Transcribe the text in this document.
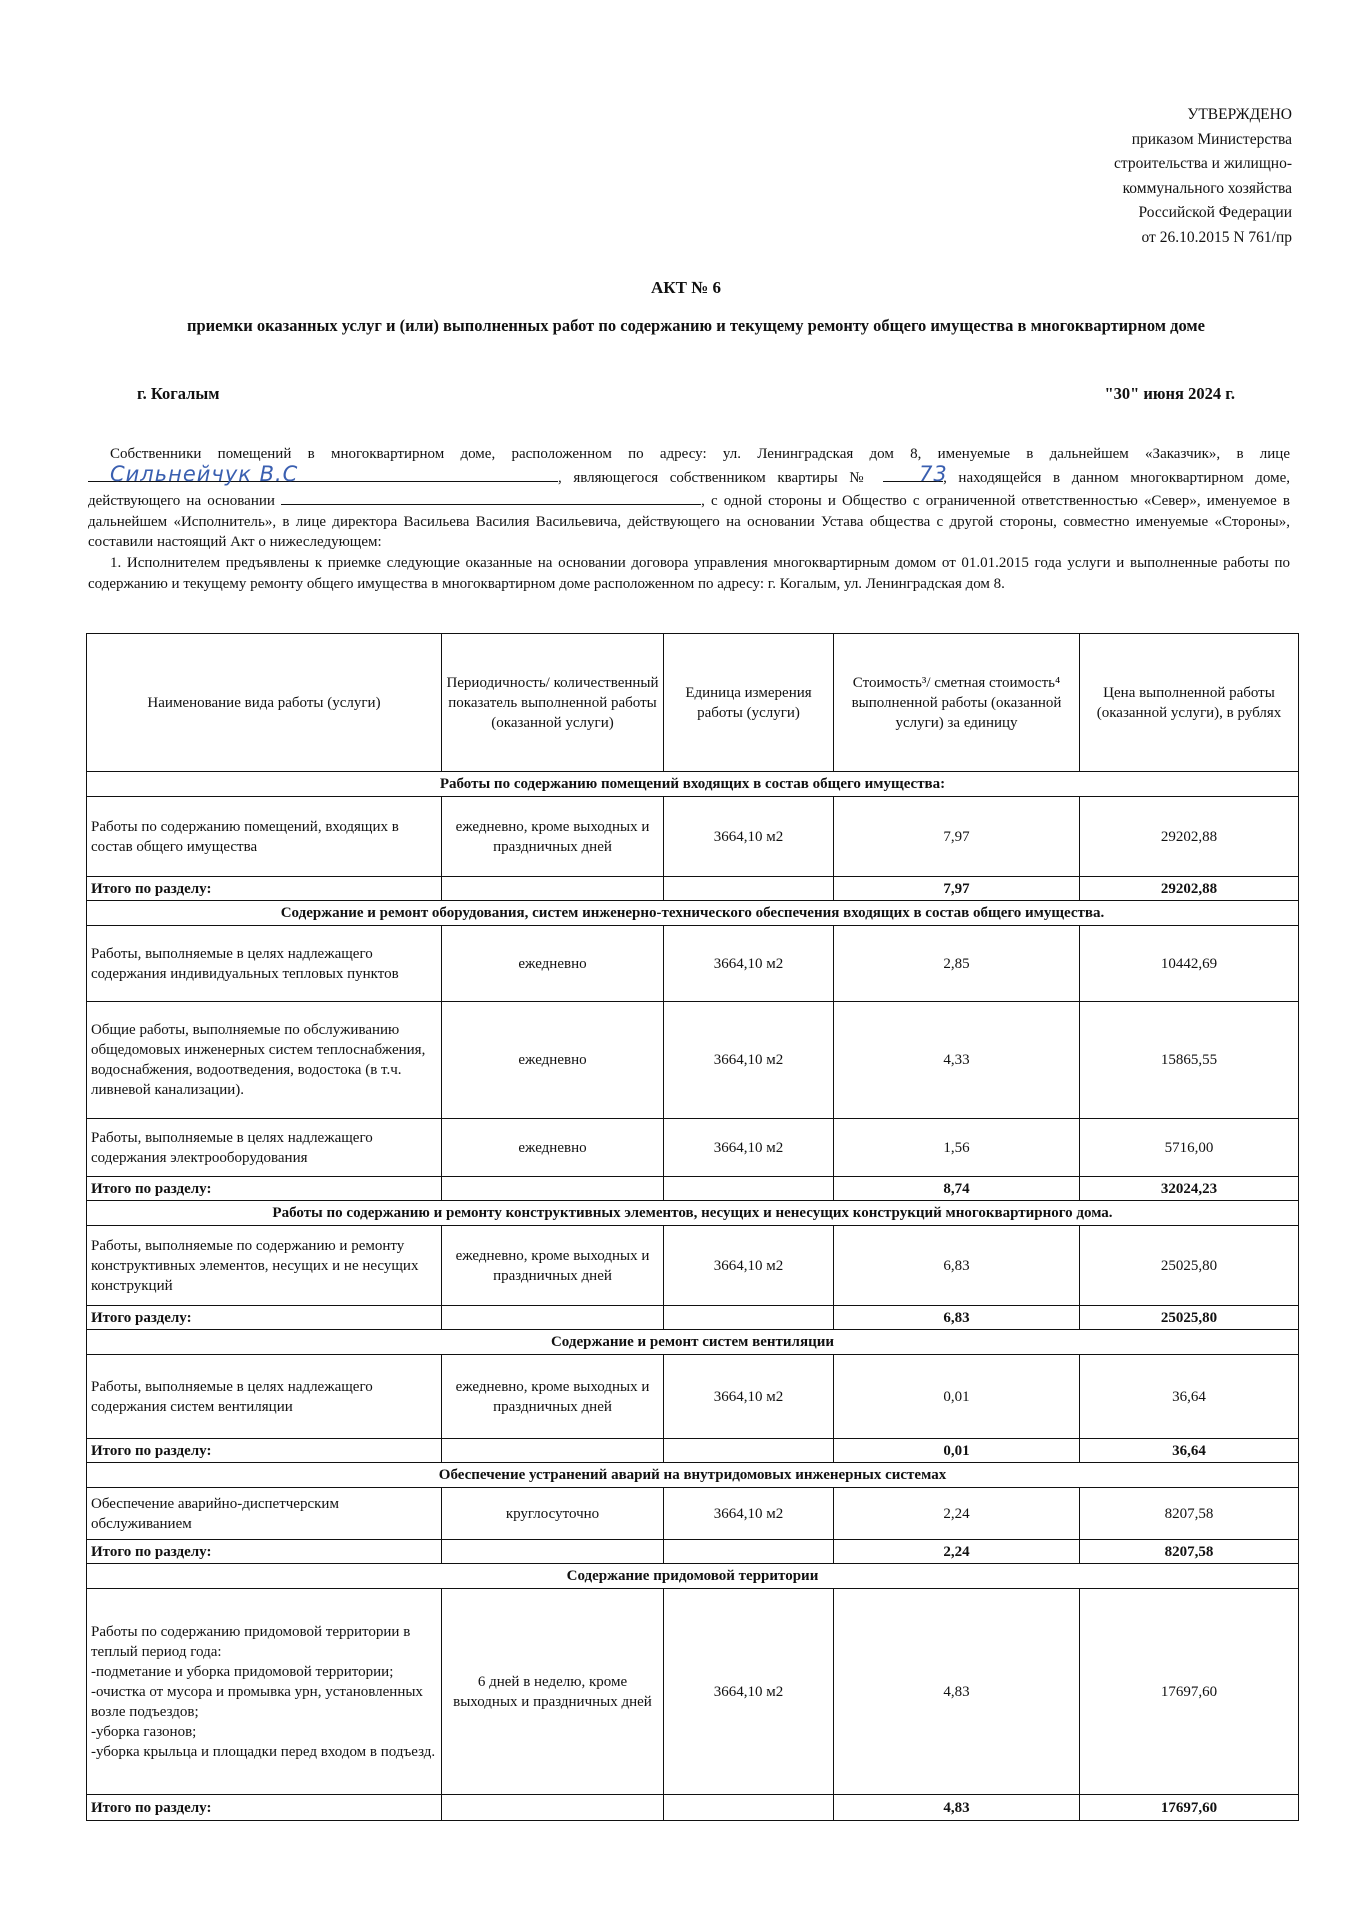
УТВЕРЖДЕНО
приказом Министерства
строительства и жилищно-
коммунального хозяйства
Российской Федерации
от 26.10.2015 N 761/пр
АКТ № 6
приемки оказанных услуг и (или) выполненных работ по содержанию и текущему ремонту общего имущества в многоквартирном доме
г. Когалым	"30" июня 2024 г.

Собственники помещений в многоквартирном доме, расположенном по адресу: ул. Ленинградская дом 8, именуемые в дальнейшем «Заказчик», в лице
Сильнейчук В.С	, являющегося собственником квартиры №	73
, находящейся в данном многоквартирном доме, действующего на основании	, с одной стороны и Общество с ограниченной ответственностью «Север», именуемое в дальнейшем «Исполнитель», в лице директора Васильева Василия Васильевича, действующего на основании Устава общества с другой стороны, совместно именуемые «Стороны», составили настоящий Акт о нижеследующем:

1. Исполнителем предъявлены к приемке следующие оказанные на основании договора управления многоквартирным домом от 01.01.2015 года услуги и выполненные работы по содержанию и текущему ремонту общего имущества в многоквартирном доме расположенном по адресу: г. Когалым, ул. Ленинградская дом 8.

Наименование вида работы (услуги)	Периодичность/ количественный показатель выполненной работы (оказанной услуги)	Единица измерения работы (услуги)	Стоимость³/ сметная стоимость⁴ выполненной работы (оказанной услуги) за единицу	Цена выполненной работы (оказанной услуги), в рублях
Работы по содержанию помещений входящих в состав общего имущества:				
Работы по содержанию помещений, входящих в состав общего имущества	ежедневно, кроме выходных и праздничных дней	3664,10 м2	7,97	29202,88
Итого по разделу:			7,97	29202,88
Содержание и ремонт оборудования, систем инженерно-технического обеспечения входящих в состав общего имущества.				
Работы, выполняемые в целях надлежащего содержания индивидуальных тепловых пунктов	ежедневно	3664,10 м2	2,85	10442,69
Общие работы, выполняемые по обслуживанию общедомовых инженерных систем теплоснабжения, водоснабжения, водоотведения, водостока (в т.ч. ливневой канализации).	ежедневно	3664,10 м2	4,33	15865,55
Работы, выполняемые в целях надлежащего содержания электрооборудования	ежедневно	3664,10 м2	1,56	5716,00
Итого по разделу:			8,74	32024,23
Работы по содержанию и ремонту конструктивных элементов, несущих и ненесущих конструкций многоквартирного дома.				
Работы, выполняемые по содержанию и ремонту конструктивных элементов, несущих и не несущих конструкций	ежедневно, кроме выходных и праздничных дней	3664,10 м2	6,83	25025,80
Итого разделу:			6,83	25025,80
Содержание и ремонт систем вентиляции				
Работы, выполняемые в целях надлежащего содержания систем вентиляции	ежедневно, кроме выходных и праздничных дней	3664,10 м2	0,01	36,64
Итого по разделу:			0,01	36,64
Обеспечение устранений аварий на внутридомовых инженерных системах				
Обеспечение аварийно-диспетчерским обслуживанием	круглосуточно	3664,10 м2	2,24	8207,58
Итого по разделу:			2,24	8207,58
Содержание придомовой территории				
Работы по содержанию придомовой территории в теплый период года:
-подметание и уборка придомовой территории;
-очистка от мусора и промывка урн, установленных возле подъездов;
-уборка газонов;
-уборка крыльца и площадки перед входом в подъезд.	6 дней в неделю, кроме выходных и праздничных дней	3664,10 м2	4,83	17697,60
Итого по разделу:			4,83	17697,60
